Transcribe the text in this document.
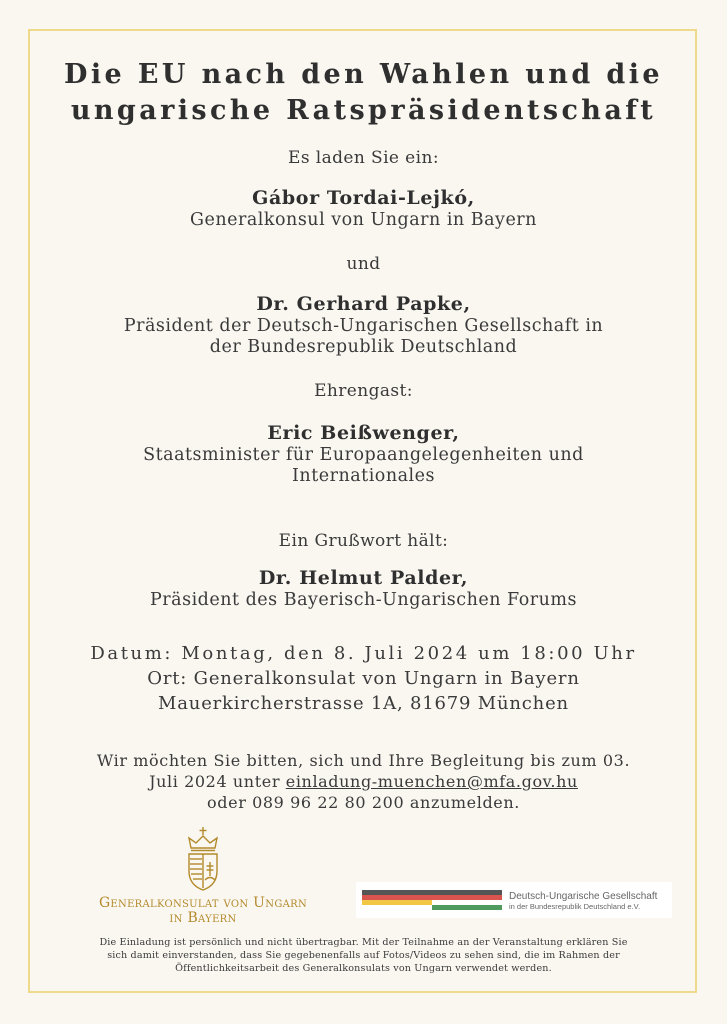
Die EU nach den Wahlen und die
ungarische Ratspräsidentschaft
Es laden Sie ein:
Gábor Tordai-Lejkó,
Generalkonsul von Ungarn in Bayern
und
Dr. Gerhard Papke,
Präsident der Deutsch-Ungarischen Gesellschaft in
der Bundesrepublik Deutschland
Ehrengast:
Eric Beißwenger,
Staatsminister für Europaangelegenheiten und
Internationales
Ein Grußwort hält:
Dr. Helmut Palder,
Präsident des Bayerisch-Ungarischen Forums
Datum: Montag, den 8. Juli 2024 um 18:00 Uhr
Ort: Generalkonsulat von Ungarn in Bayern
Mauerkircherstrasse 1A, 81679 München
Wir möchten Sie bitten, sich und Ihre Begleitung bis zum 03.
Juli 2024 unter einladung-muenchen@mfa.gov.hu
oder 089 96 22 80 200 anzumelden.
Generalkonsulat von Ungarn
in Bayern
Deutsch-Ungarische Gesellschaft
in der Bundesrepublik Deutschland e.V.
Die Einladung ist persönlich und nicht übertragbar. Mit der Teilnahme an der Veranstaltung erklären Sie
sich damit einverstanden, dass Sie gegebenenfalls auf Fotos/Videos zu sehen sind, die im Rahmen der
Öffentlichkeitsarbeit des Generalkonsulats von Ungarn verwendet werden.
